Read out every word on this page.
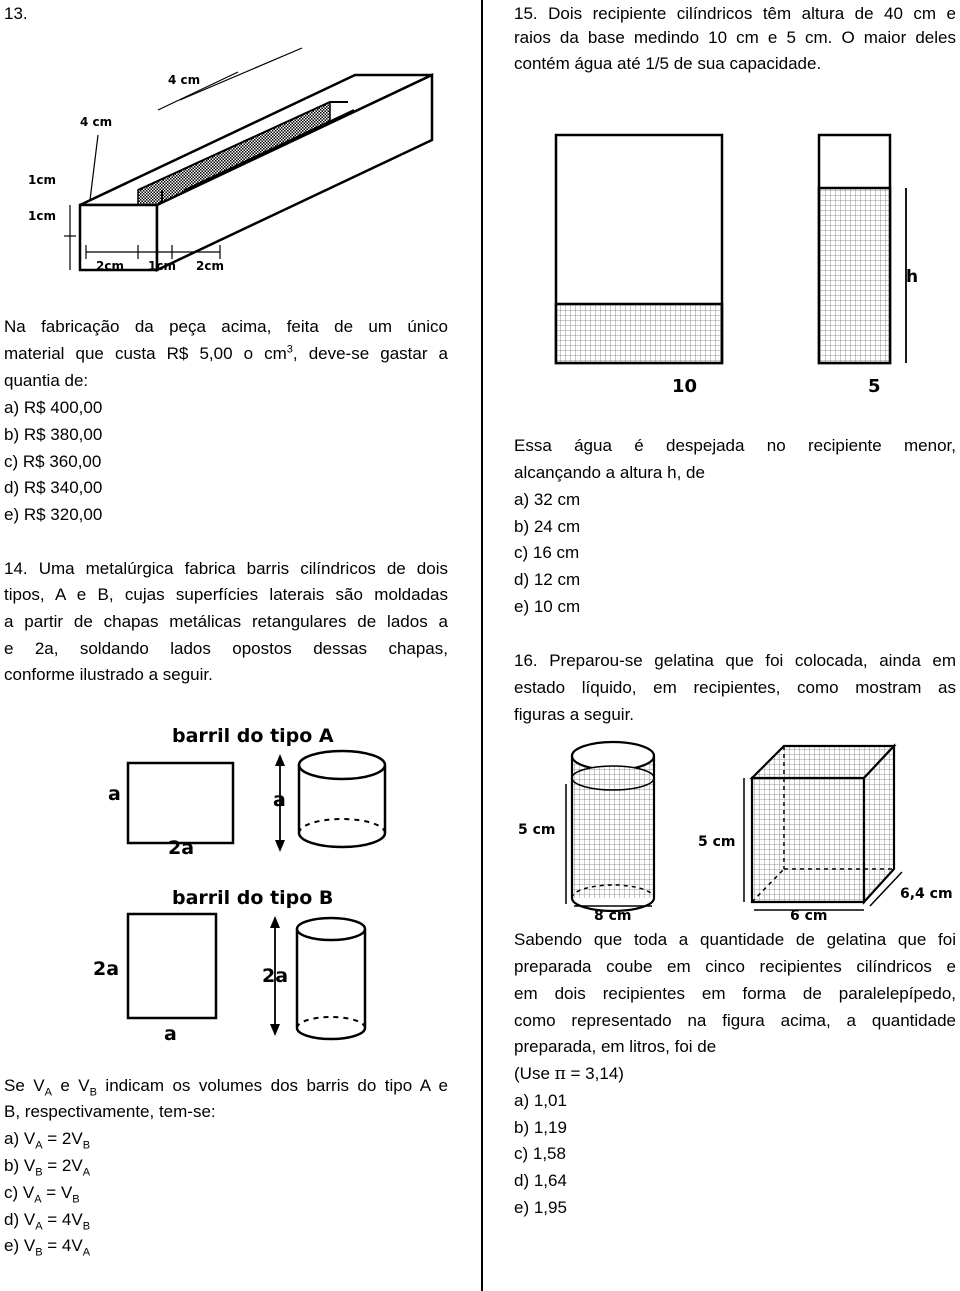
13.
4 cm
4 cm
1cm
1cm
2cm 1cm 2cm
Na fabricação da peça acima, feita de um único
material que custa R$ 5,00 o $cm^3$, deve-se gastar a
quantia de:
a) R$ 400,00
b) R$ 380,00
c) R$ 360,00
d) R$ 340,00
e) R$ 320,00
14. Uma metalúrgica fabrica barris cilíndricos de dois
tipos, A e B, cujas superfícies laterais são moldadas
a partir de chapas metálicas retangulares de lados a
e 2a, soldando lados opostos dessas chapas,
conforme ilustrado a seguir.
barril do tipo A
a
2a
a
barril do tipo B
2a
a
2a
Se $V_A$ e $V_B$ indicam os volumes dos barris do tipo A e
B, respectivamente, tem-se:
a) $V_A = 2V_B$
b) $V_B = 2V_A$
c) $V_A = V_B$
d) $V_A = 4V_B$
e) $V_B = 4V_A$
15. Dois recipiente cilíndricos têm altura de 40 cm e
raios da base medindo 10 cm e 5 cm. O maior deles
contém água até 1/5 de sua capacidade.
h
10	5
Essa água é despejada no recipiente menor,
alcançando a altura h, de
a) 32 cm
b) 24 cm
c) 16 cm
d) 12 cm
e) 10 cm
16. Preparou-se gelatina que foi colocada, ainda em
estado líquido, em recipientes, como mostram as
figuras a seguir.
5 cm
8 cm
5 cm
6 cm
6,4 cm
Sabendo que toda a quantidade de gelatina que foi
preparada coube em cinco recipientes cilíndricos e
em dois recipientes em forma de paralelepípedo,
como representado na figura acima, a quantidade
preparada, em litros, foi de
(Use π = 3,14)
a) 1,01
b) 1,19
c) 1,58
d) 1,64
e) 1,95
